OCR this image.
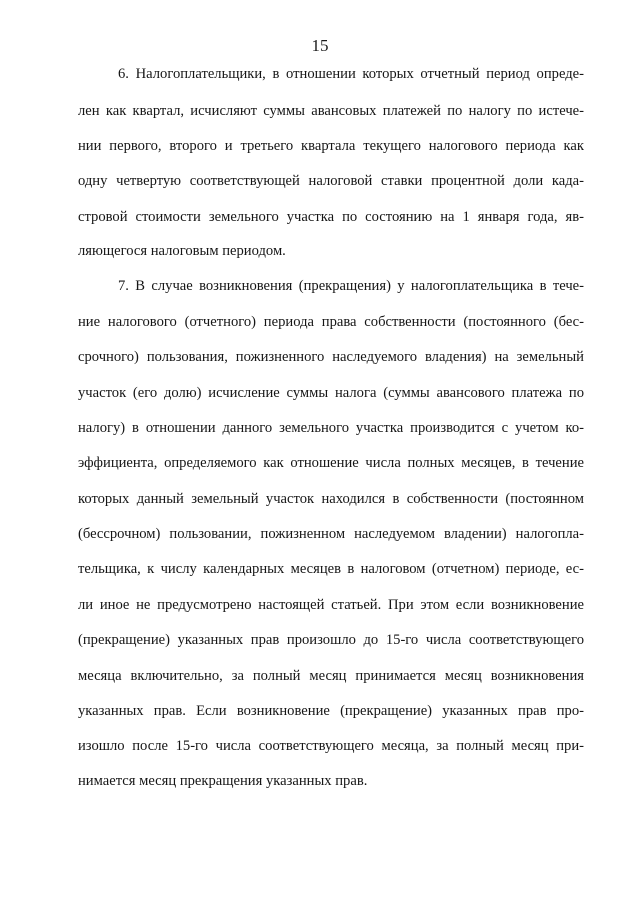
15
6. Налогоплательщики, в отношении которых отчетный период опреде-
лен как квартал, исчисляют суммы авансовых платежей по налогу по истече-
нии первого, второго и третьего квартала текущего налогового периода как
одну четвертую соответствующей налоговой ставки процентной доли када-
стровой стоимости земельного участка по состоянию на 1 января года, яв-
ляющегося налоговым периодом.
7. В случае возникновения (прекращения) у налогоплательщика в тече-
ние налогового (отчетного) периода права собственности (постоянного (бес-
срочного) пользования, пожизненного наследуемого владения) на земельный
участок (его долю) исчисление суммы налога (суммы авансового платежа по
налогу) в отношении данного земельного участка производится с учетом ко-
эффициента, определяемого как отношение числа полных месяцев, в течение
которых данный земельный участок находился в собственности (постоянном
(бессрочном) пользовании, пожизненном наследуемом владении) налогопла-
тельщика, к числу календарных месяцев в налоговом (отчетном) периоде, ес-
ли иное не предусмотрено настоящей статьей. При этом если возникновение
(прекращение) указанных прав произошло до 15-го числа соответствующего
месяца включительно, за полный месяц принимается месяц возникновения
указанных прав. Если возникновение (прекращение) указанных прав про-
изошло после 15-го числа соответствующего месяца, за полный месяц при-
нимается месяц прекращения указанных прав.
